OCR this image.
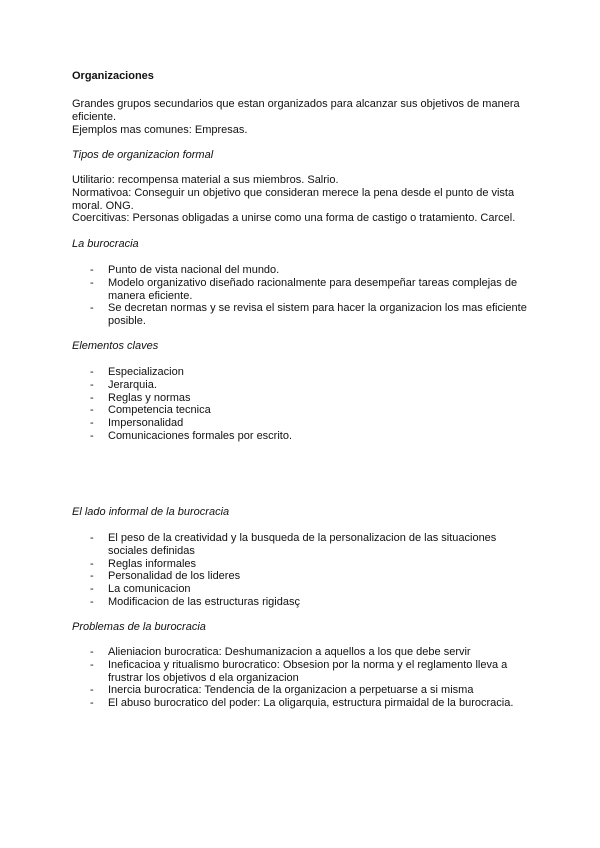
Organizaciones
Grandes grupos secundarios que estan organizados para alcanzar sus objetivos de manera
eficiente.
Ejemplos mas comunes: Empresas.
Tipos de organizacion formal
Utilitario: recompensa material a sus miembros. Salrio.
Normativoa: Conseguir un objetivo que consideran merece la pena desde el punto de vista
moral. ONG.
Coercitivas: Personas obligadas a unirse como una forma de castigo o tratamiento. Carcel.
La burocracia
- Punto de vista nacional del mundo.
- Modelo organizativo diseñado racionalmente para desempeñar tareas complejas de manera eficiente.
- Se decretan normas y se revisa el sistem para hacer la organizacion los mas eficiente posible.
Elementos claves
- Especializacion
- Jerarquia.
- Reglas y normas
- Competencia tecnica
- Impersonalidad
- Comunicaciones formales por escrito.
El lado informal de la burocracia
- El peso de la creatividad y la busqueda de la personalizacion de las situaciones sociales definidas
- Reglas informales
- Personalidad de los lideres
- La comunicacion
- Modificacion de las estructuras rigidasç
Problemas de la burocracia
- Alieniacion burocratica: Deshumanizacion a aquellos a los que debe servir
- Ineficacioa y ritualismo burocratico: Obsesion por la norma y el reglamento lleva a frustrar los objetivos d ela organizacion
- Inercia burocratica: Tendencia de la organizacion a perpetuarse a si misma
- El abuso burocratico del poder: La oligarquia, estructura pirmaidal de la burocracia.
